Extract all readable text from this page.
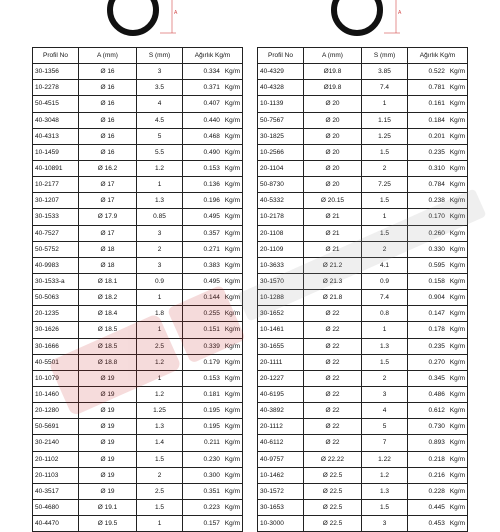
A	A
Profil No	A (mm)	S (mm)	Ağırlık Kg/m
30-1356	Ø 16	3	0.334 Kg/m
10-2278	Ø 16	3.5	0.371 Kg/m
50-4515	Ø 16	4	0.407 Kg/m
40-3048	Ø 16	4.5	0.440 Kg/m
40-4313	Ø 16	5	0.468 Kg/m
10-1459	Ø 16	5.5	0.490 Kg/m
40-10891	Ø 16.2	1.2	0.153 Kg/m
10-2177	Ø 17	1	0.136 Kg/m
30-1207	Ø 17	1.3	0.196 Kg/m
30-1533	Ø 17.9	0.85	0.495 Kg/m
40-7527	Ø 17	3	0.357 Kg/m
50-5752	Ø 18	2	0.271 Kg/m
40-9983	Ø 18	3	0.383 Kg/m
30-1533-a	Ø 18.1	0.9	0.495 Kg/m
50-5063	Ø 18.2	1	0.144 Kg/m
20-1235	Ø 18.4	1.8	0.255 Kg/m
30-1626	Ø 18.5	1	0.151 Kg/m
30-1666	Ø 18.5	2.5	0.339 Kg/m
40-5501	Ø 18.8	1.2	0.179 Kg/m
10-1079	Ø 19	1	0.153 Kg/m
10-1460	Ø 19	1.2	0.181 Kg/m
20-1280	Ø 19	1.25	0.195 Kg/m
50-5691	Ø 19	1.3	0.195 Kg/m
30-2140	Ø 19	1.4	0.211 Kg/m
20-1102	Ø 19	1.5	0.230 Kg/m
20-1103	Ø 19	2	0.300 Kg/m
40-3517	Ø 19	2.5	0.351 Kg/m
50-4680	Ø 19.1	1.5	0.223 Kg/m
40-4470	Ø 19.5	1	0.157 Kg/m
Profil No	A (mm)	S (mm)	Ağırlık Kg/m
40-4329	Ø19.8	3.85	0.522 Kg/m
40-4328	Ø19.8	7.4	0.781 Kg/m
10-1139	Ø 20	1	0.161 Kg/m
50-7567	Ø 20	1.15	0.184 Kg/m
30-1825	Ø 20	1.25	0.201 Kg/m
10-2566	Ø 20	1.5	0.235 Kg/m
20-1104	Ø 20	2	0.310 Kg/m
50-8730	Ø 20	7.25	0.784 Kg/m
40-5332	Ø 20.15	1.5	0.238 Kg/m
10-2178	Ø 21	1	0.170 Kg/m
20-1108	Ø 21	1.5	0.260 Kg/m
20-1109	Ø 21	2	0.330 Kg/m
10-3633	Ø 21.2	4.1	0.595 Kg/m
30-1570	Ø 21.3	0.9	0.158 Kg/m
10-1288	Ø 21.8	7.4	0.904 Kg/m
30-1652	Ø 22	0.8	0.147 Kg/m
10-1461	Ø 22	1	0.178 Kg/m
30-1655	Ø 22	1.3	0.235 Kg/m
20-1111	Ø 22	1.5	0.270 Kg/m
20-1227	Ø 22	2	0.345 Kg/m
40-6195	Ø 22	3	0.486 Kg/m
40-3892	Ø 22	4	0.612 Kg/m
20-1112	Ø 22	5	0.730 Kg/m
40-6112	Ø 22	7	0.893 Kg/m
40-9757	Ø 22.22	1.22	0.218 Kg/m
10-1462	Ø 22.5	1.2	0.216 Kg/m
30-1572	Ø 22.5	1.3	0.228 Kg/m
30-1653	Ø 22.5	1.5	0.445 Kg/m
10-3000	Ø 22.5	3	0.453 Kg/m
